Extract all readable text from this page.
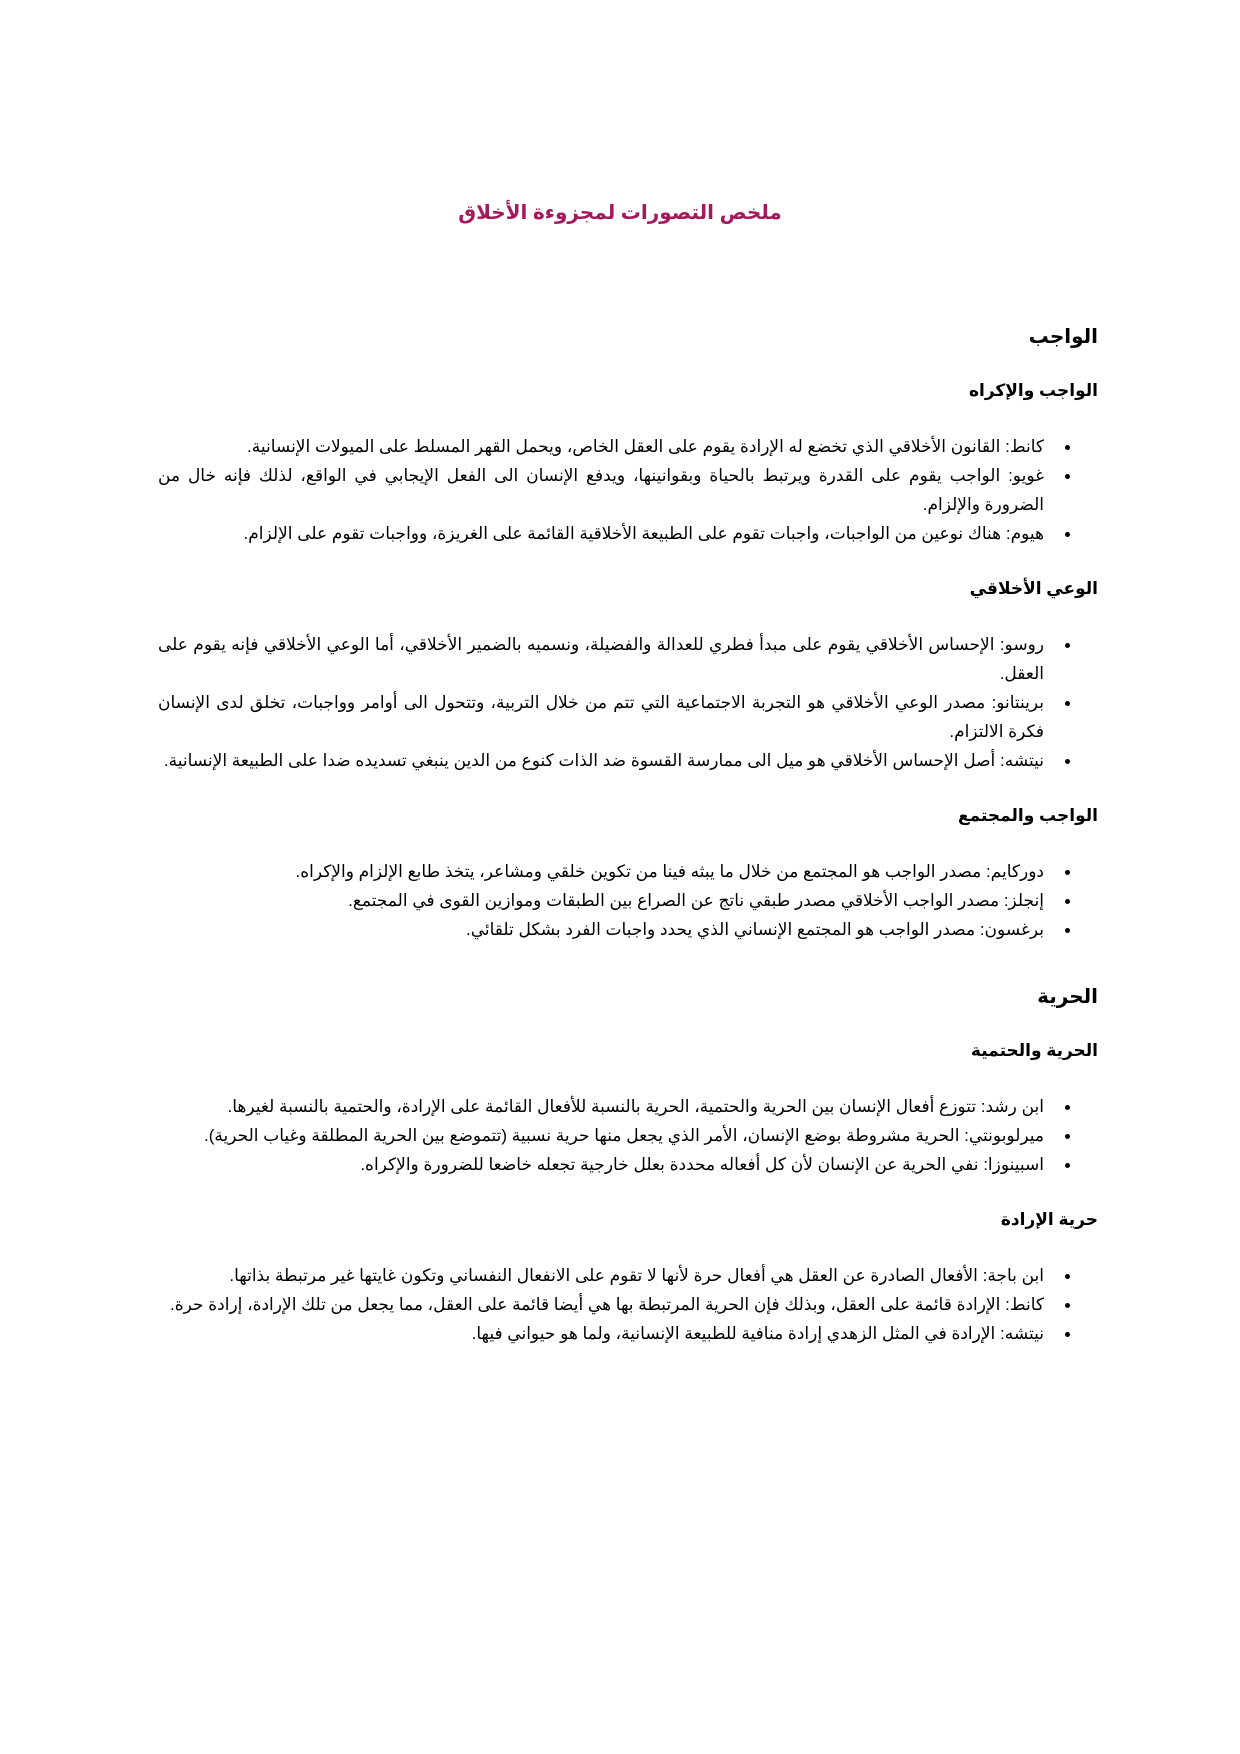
ملخص التصورات لمجزوءة الأخلاق
الواجب
الواجب والإكراه
كانط: القانون الأخلاقي الذي تخضع له الإرادة يقوم على العقل الخاص، ويحمل القهر المسلط على الميولات الإنسانية.
غويو: الواجب يقوم على القدرة ويرتبط بالحياة وبقوانينها، ويدفع الإنسان الى الفعل الإيجابي في الواقع، لذلك فإنه خال من الضرورة والإلزام.
هيوم: هناك نوعين من الواجبات، واجبات تقوم على الطبيعة الأخلاقية القائمة على الغريزة، وواجبات تقوم على الإلزام.
الوعي الأخلاقي
روسو: الإحساس الأخلاقي يقوم على مبدأ فطري للعدالة والفضيلة، ونسميه بالضمير الأخلاقي، أما الوعي الأخلاقي فإنه يقوم على العقل.
برينتانو: مصدر الوعي الأخلاقي هو التجربة الاجتماعية التي تتم من خلال التربية، وتتحول الى أوامر وواجبات، تخلق لدى الإنسان فكرة الالتزام.
نيتشه: أصل الإحساس الأخلاقي هو ميل الى ممارسة القسوة ضد الذات كنوع من الدين ينبغي تسديده ضدا على الطبيعة الإنسانية.
الواجب والمجتمع
دوركايم: مصدر الواجب هو المجتمع من خلال ما يبثه فينا من تكوين خلقي ومشاعر، يتخذ طابع الإلزام والإكراه.
إنجلز: مصدر الواجب الأخلاقي مصدر طبقي ناتج عن الصراع بين الطبقات وموازين القوى في المجتمع.
برغسون: مصدر الواجب هو المجتمع الإنساني الذي يحدد واجبات الفرد بشكل تلقائي.
الحرية
الحرية والحتمية
ابن رشد: تتوزع أفعال الإنسان بين الحرية والحتمية، الحرية بالنسبة للأفعال القائمة على الإرادة، والحتمية بالنسبة لغيرها.
ميرلوبونتي: الحرية مشروطة بوضع الإنسان، الأمر الذي يجعل منها حرية نسبية (تتموضع بين الحرية المطلقة وغياب الحرية).
اسبينوزا: نفي الحرية عن الإنسان لأن كل أفعاله محددة بعلل خارجية تجعله خاضعا للضرورة والإكراه.
حرية الإرادة
ابن باجة: الأفعال الصادرة عن العقل هي أفعال حرة لأنها لا تقوم على الانفعال النفساني وتكون غايتها غير مرتبطة بذاتها.
كانط: الإرادة قائمة على العقل، وبذلك فإن الحرية المرتبطة بها هي أيضا قائمة على العقل، مما يجعل من تلك الإرادة، إرادة حرة.
نيتشه: الإرادة في المثل الزهدي إرادة منافية للطبيعة الإنسانية، ولما هو حيواني فيها.
